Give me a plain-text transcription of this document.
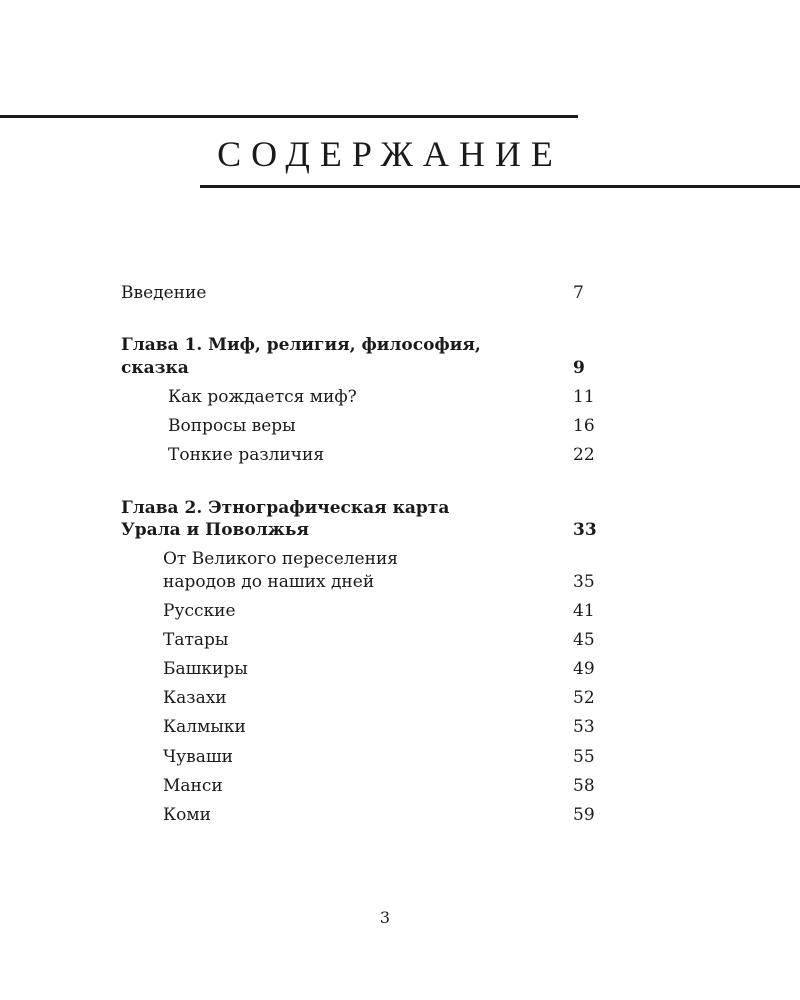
СОДЕРЖАНИЕ
Введение	7
Глава 1. Миф, религия, философия,
сказка	9
Как рождается миф?	11
Вопросы веры	16
Тонкие различия	22
Глава 2. Этнографическая карта
Урала и Поволжья	33
От Великого переселения
народов до наших дней	35
Русские	41
Татары	45
Башкиры	49
Казахи	52
Калмыки	53
Чуваши	55
Манси	58
Коми	59
3
